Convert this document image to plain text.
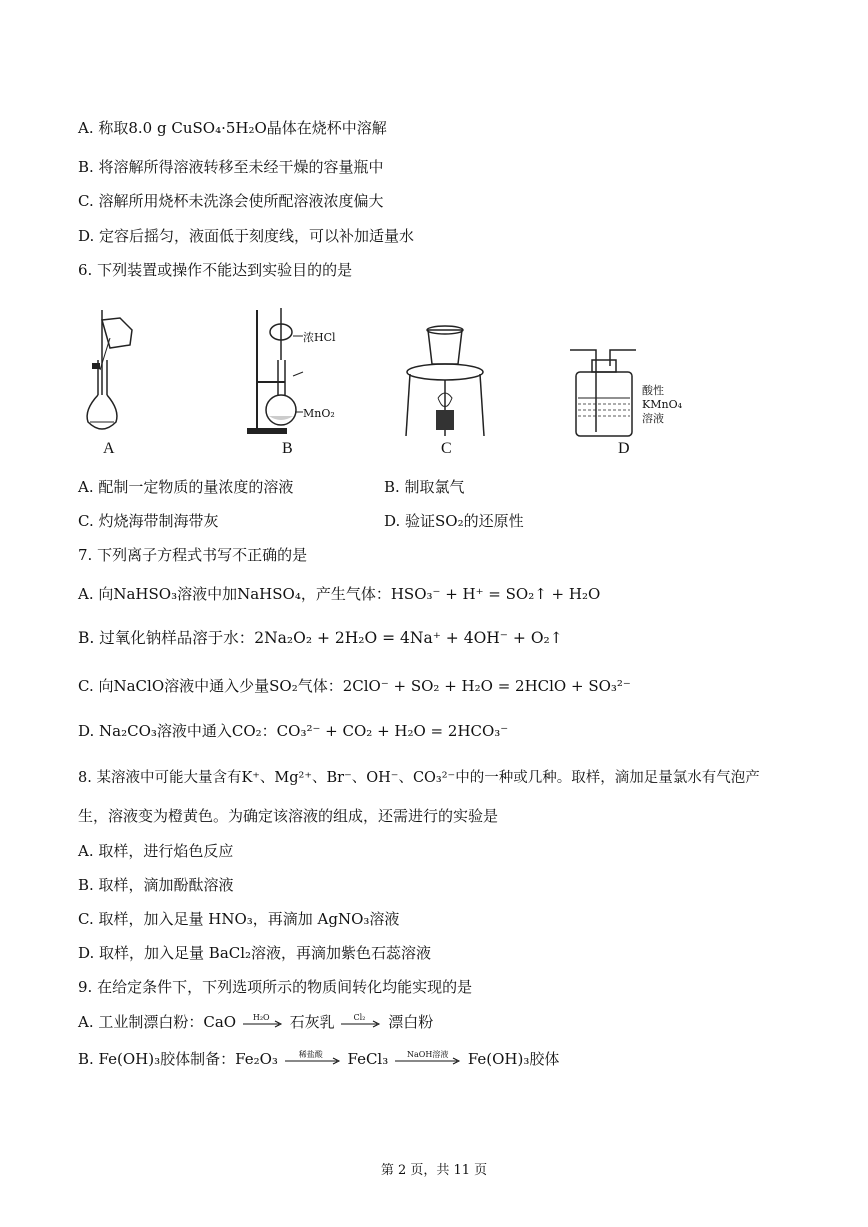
A. 称取8.0 g CuSO₄·5H₂O晶体在烧杯中溶解
B. 将溶解所得溶液转移至未经干燥的容量瓶中
C. 溶解所用烧杯未洗涤会使所配溶液浓度偏大
D. 定容后摇匀，液面低于刻度线，可以补加适量水
6. 下列装置或操作不能达到实验目的的是
A
浓HCl
MnO₂
B	C
酸性
KMnO₄
溶液
D
A. 配制一定物质的量浓度的溶液	B. 制取氯气
C. 灼烧海带制海带灰	D. 验证SO₂的还原性
7. 下列离子方程式书写不正确的是
A. 向NaHSO₃溶液中加NaHSO₄，产生气体：HSO₃⁻ + H⁺ = SO₂↑ + H₂O
B. 过氧化钠样品溶于水：2Na₂O₂ + 2H₂O = 4Na⁺ + 4OH⁻ + O₂↑
C. 向NaClO溶液中通入少量SO₂气体：2ClO⁻ + SO₂ + H₂O = 2HClO + SO₃²⁻
D. Na₂CO₃溶液中通入CO₂：CO₃²⁻ + CO₂ + H₂O = 2HCO₃⁻
8. 某溶液中可能大量含有K⁺、Mg²⁺、Br⁻、OH⁻、CO₃²⁻中的一种或几种。取样，滴加足量氯水有气泡产
生，溶液变为橙黄色。为确定该溶液的组成，还需进行的实验是
A. 取样，进行焰色反应
B. 取样，滴加酚酞溶液
C. 取样，加入足量 HNO₃，再滴加 AgNO₃溶液
D. 取样，加入足量 BaCl₂溶液，再滴加紫色石蕊溶液
9. 在给定条件下，下列选项所示的物质间转化均能实现的是
A. 工业制漂白粉：CaO H₂O 石灰乳 Cl₂ 漂白粉
B. Fe(OH)₃胶体制备：Fe₂O₃	稀盐酸 FeCl₃ NaOH溶液 Fe(OH)₃胶体
第 2 页，共 11 页
